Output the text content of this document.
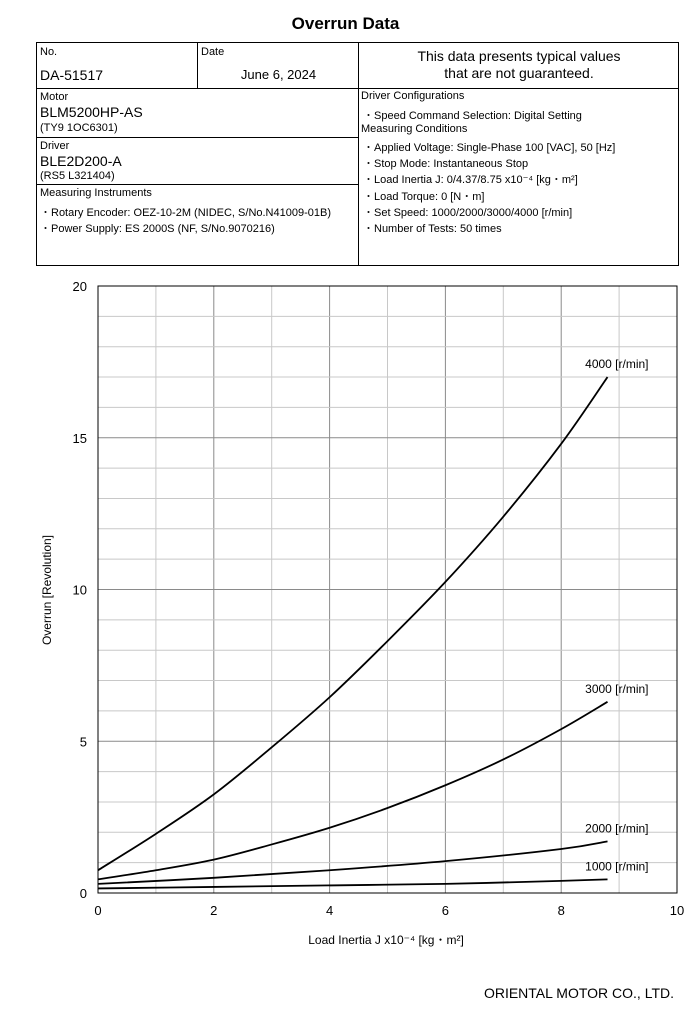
Overrun Data
No.
DA-51517
Date
June 6, 2024
This data presents typical values
that are not guaranteed.
Motor
BLM5200HP-AS
(TY9 1OC6301)
Driver
BLE2D200-A
(RS5 L321404)
Measuring Instruments
・Rotary Encoder: OEZ-10-2M (NIDEC, S/No.N41009-01B)
・Power Supply: ES 2000S (NF, S/No.9070216)
Driver Configurations
・Speed Command Selection: Digital Setting
Measuring Conditions
・Applied Voltage: Single-Phase 100 [VAC], 50 [Hz]
・Stop Mode: Instantaneous Stop
・Load Inertia J: 0/4.37/8.75 x10⁻⁴ [kg・m²]
・Load Torque: 0 [N・m]
・Set Speed: 1000/2000/3000/4000 [r/min]
・Number of Tests: 50 times
0	2	4	6	8	10
0
5
10
15
20
4000 [r/min]
3000 [r/min]
2000 [r/min]
1000 [r/min]
Load Inertia J x10⁻⁴ [kg・m²]
Overrun [Revolution]
ORIENTAL MOTOR CO., LTD.
